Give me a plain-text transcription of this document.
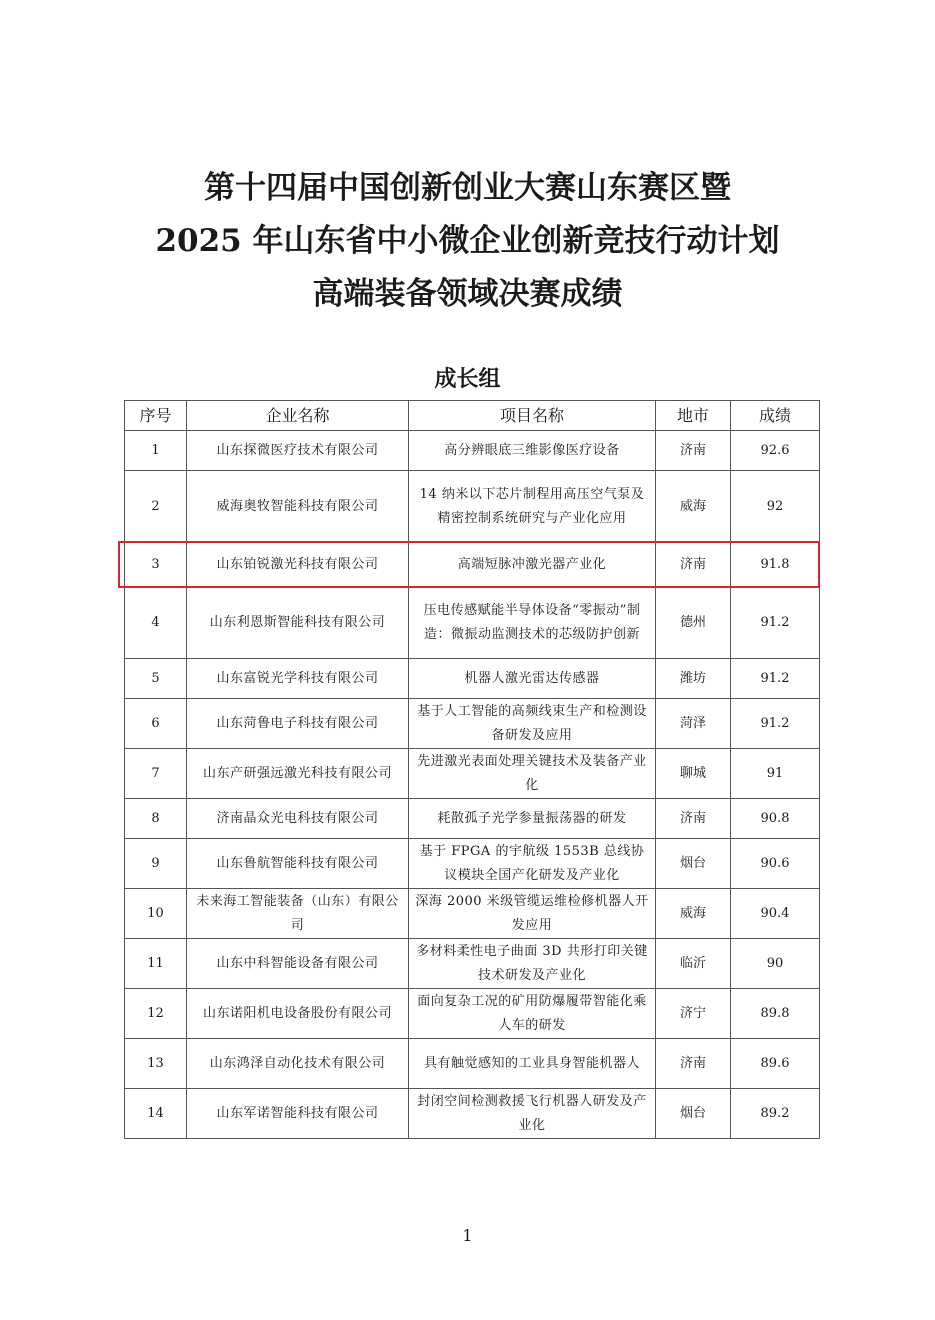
第十四届中国创新创业大赛山东赛区暨
2025 年山东省中小微企业创新竞技行动计划
高端装备领域决赛成绩
成长组
序号	企业名称	项目名称	地市	成绩
1	山东探微医疗技术有限公司	高分辨眼底三维影像医疗设备	济南	92.6
2	威海奥牧智能科技有限公司	14 纳米以下芯片制程用高压空气泵及精密控制系统研究与产业化应用	威海	92
3	山东铂锐激光科技有限公司	高端短脉冲激光器产业化	济南	91.8
4	山东利恩斯智能科技有限公司	压电传感赋能半导体设备“零振动”制造：微振动监测技术的芯级防护创新	德州	91.2
5	山东富锐光学科技有限公司	机器人激光雷达传感器	潍坊	91.2
6	山东菏鲁电子科技有限公司	基于人工智能的高频线束生产和检测设备研发及应用	菏泽	91.2
7	山东产研强远激光科技有限公司	先进激光表面处理关键技术及装备产业化	聊城	91
8	济南晶众光电科技有限公司	耗散孤子光学参量振荡器的研发	济南	90.8
9	山东鲁航智能科技有限公司	基于 FPGA 的宇航级 1553B 总线协议模块全国产化研发及产业化	烟台	90.6
10	未来海工智能装备（山东）有限公司	深海 2000 米级管缆运维检修机器人开发应用	威海	90.4
11	山东中科智能设备有限公司	多材料柔性电子曲面 3D 共形打印关键技术研发及产业化	临沂	90
12	山东诺阳机电设备股份有限公司	面向复杂工况的矿用防爆履带智能化乘人车的研发	济宁	89.8
13	山东鸿泽自动化技术有限公司	具有触觉感知的工业具身智能机器人	济南	89.6
14	山东军诺智能科技有限公司	封闭空间检测救援飞行机器人研发及产业化	烟台	89.2
1
